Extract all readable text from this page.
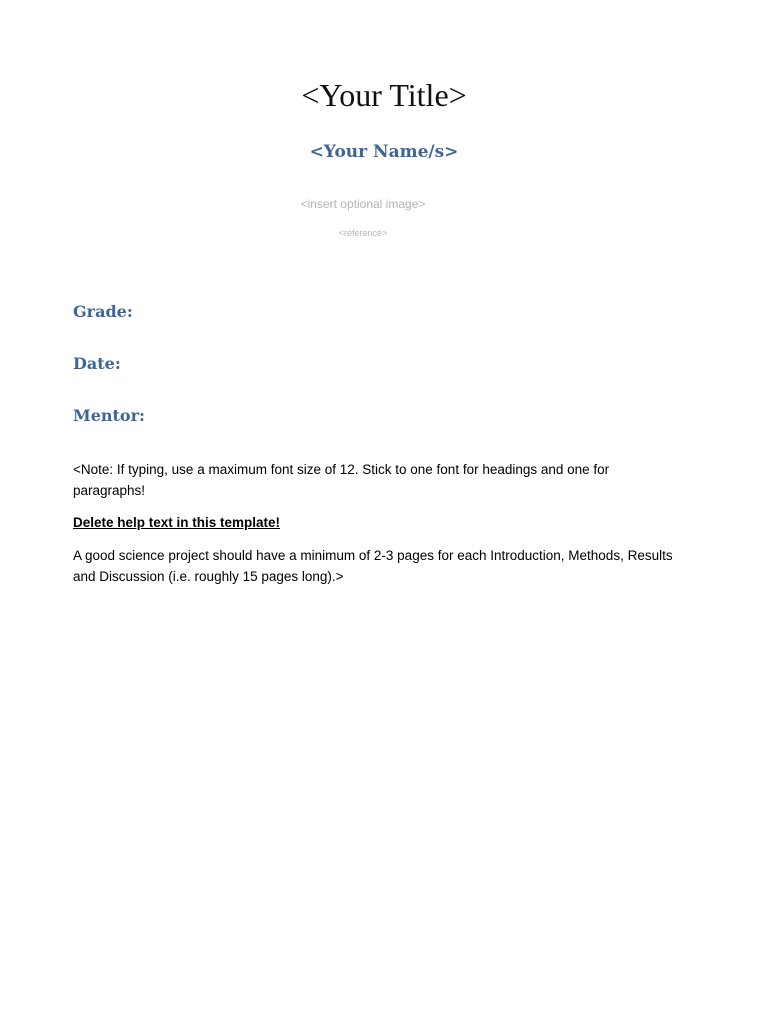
<Your Title>
<Your Name/s>
<insert optional image>
<reference>
Grade:
Date:
Mentor:

<Note: If typing, use a maximum font size of 12. Stick to one font for headings and one for paragraphs!

Delete help text in this template!

A good science project should have a minimum of 2-3 pages for each Introduction, Methods, Results and Discussion (i.e. roughly 15 pages long).>
